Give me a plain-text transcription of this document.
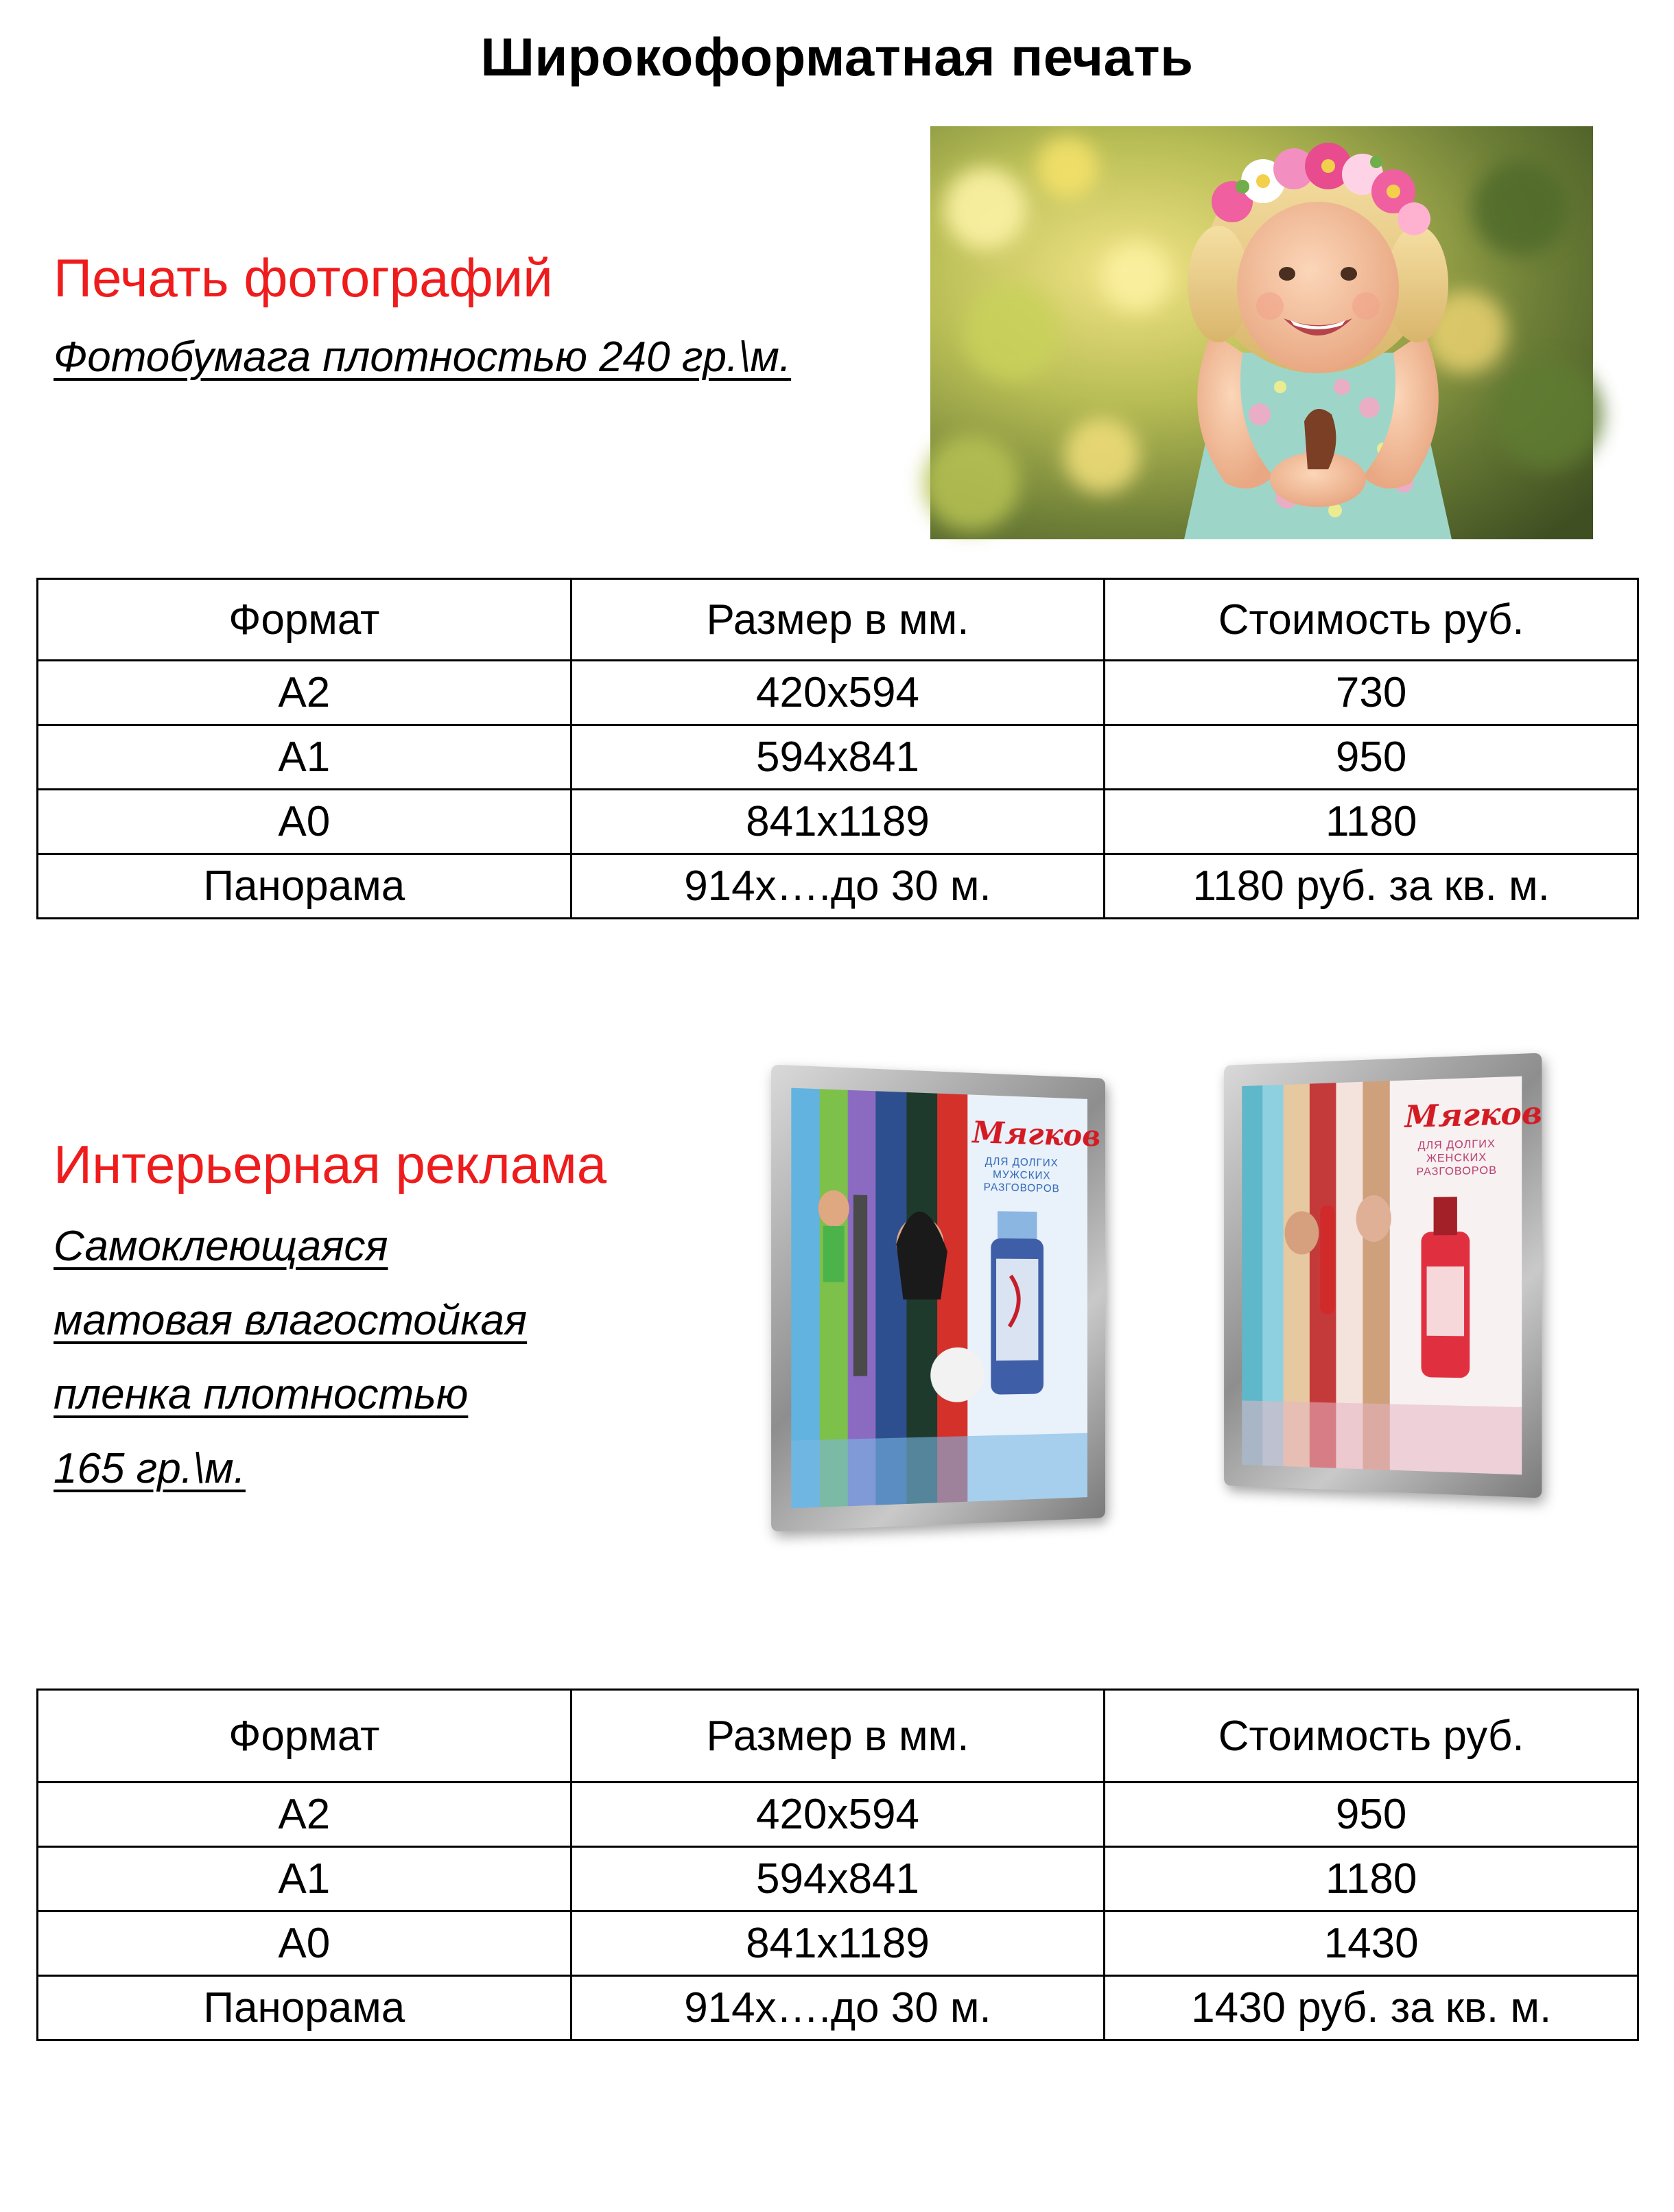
Широкоформатная печать
Печать фотографий
Фотобумага плотностью 240 гр.\м.
Формат	Размер в мм.	Стоимость руб.
А2	420х594	730
А1	594х841	950
А0	841х1189	1180
Панорама	914х….до 30 м.	1180 руб. за кв. м.
Интерьерная реклама
Самоклеющаяся
матовая влагостойкая
пленка плотностью
165 гр.\м.
Мягков
ДЛЯ ДОЛГИХ
МУЖСКИХ
РАЗГОВОРОВ
Мягков
ДЛЯ ДОЛГИХ
ЖЕНСКИХ
РАЗГОВОРОВ
Формат	Размер в мм.	Стоимость руб.
А2	420х594	950
А1	594х841	1180
А0	841х1189	1430
Панорама	914х….до 30 м.	1430 руб. за кв. м.
